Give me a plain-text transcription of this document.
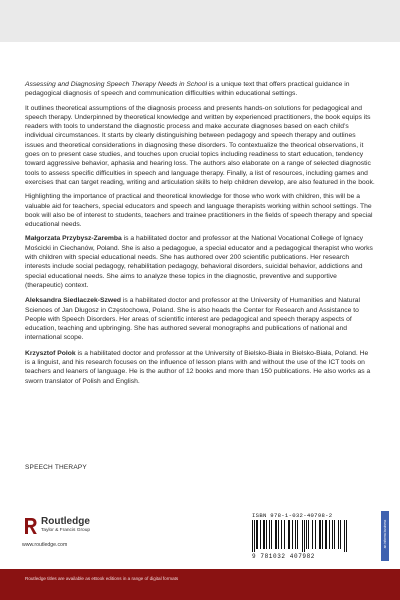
Assessing and Diagnosing Speech Therapy Needs in School is a unique text that offers practical guidance in pedagogical diagnosis of speech and communication difficulties within educational settings.

It outlines theoretical assumptions of the diagnosis process and presents hands-on solutions for pedagogical and speech therapy. Underpinned by theoretical knowledge and written by experienced practitioners, the book equips its readers with tools to understand the diagnostic process and make accurate diagnoses based on each child’s individual circumstances. It starts by clearly distinguishing between pedagogy and speech therapy and outlines issues and theoretical considerations in diagnosing these disorders. To contextualize the theorical observations, it goes on to present case studies, and touches upon crucial topics including readiness to start education, tendency toward aggressive behavior, aphasia and hearing loss. The authors also elaborate on a range of selected diagnostic tools to assess specific difficulties in speech and language therapy. Finally, a list of resources, including games and exercises that can target reading, writing and articulation skills to help children develop, are also featured in the book.

Highlighting the importance of practical and theoretical knowledge for those who work with children, this will be a valuable aid for teachers, special educators and speech and language therapists working within school settings. The book will also be of interest to students, teachers and trainee practitioners in the fields of speech therapy and special educational needs.

Małgorzata Przybysz-Zaremba is a habilitated doctor and professor at the National Vocational College of Ignacy Mościcki in Ciechanów, Poland. She is also a pedagogue, a special educator and a pedagogical therapist who works with children with special educational needs. She has authored over 200 scientific publications. Her research interests include social pedagogy, rehabilitation pedagogy, behavioral disorders, suicidal behavior, addictions and special educational needs. She aims to analyze these topics in the diagnostic, preventive and supportive (therapeutic) context.

Aleksandra Siedlaczek-Szwed is a habilitated doctor and professor at the University of Humanities and Natural Sciences of Jan Długosz in Częstochowa, Poland. She is also heads the Center for Research and Assistance to People with Speech Disorders. Her areas of scientific interest are pedagogical and speech therapy aspects of education, teaching and upbringing. She has authored several monographs and publications of national and international scope.

Krzysztof Polok is a habilitated doctor and professor at the University of Bielsko-Biała in Bielsko-Biała, Poland. He is a linguist, and his research focuses on the influence of lesson plans with and without the use of the ICT tools on teachers and leaners of language. He is the author of 12 books and more than 150 publications. He also works as a sworn translator of Polish and English.

SPEECH THERAPY
Routledge
Taylor & Francis Group
www.routledge.com
ISBN 978-1-032-40798-2
9 781032 407982
an informa business
Routledge titles are available as eBook editions in a range of digital formats
